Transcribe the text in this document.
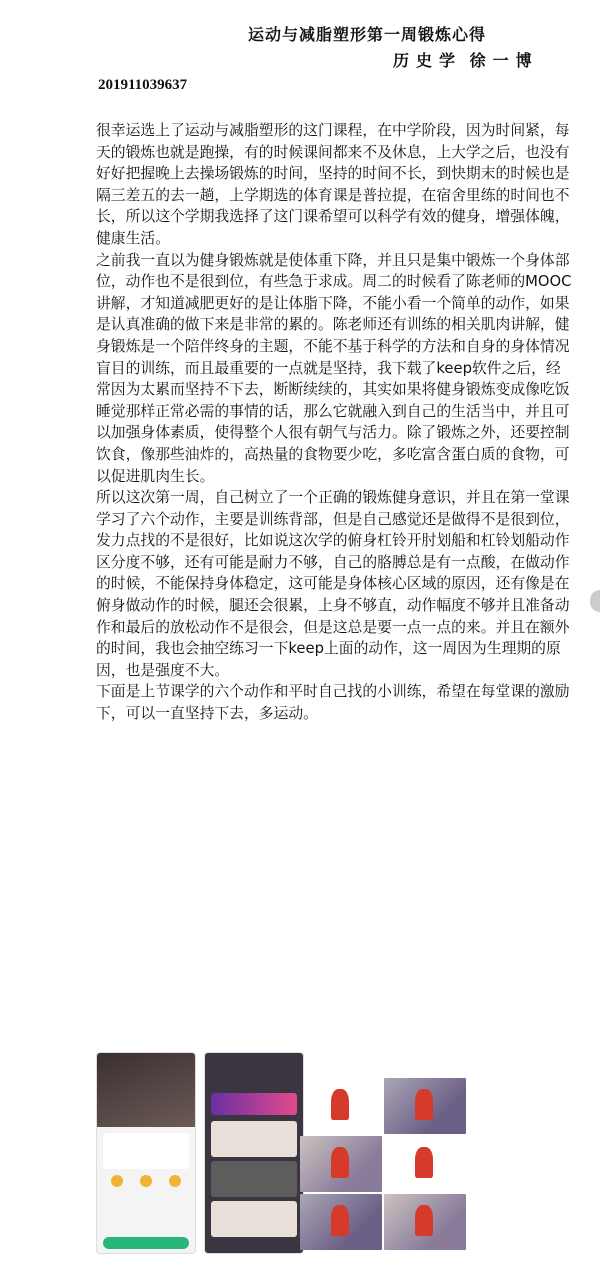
运动与减脂塑形第一周锻炼心得
历史学 徐一博
201911039637

很幸运选上了运动与减脂塑形的这门课程，在中学阶段，因为时间紧，每天的锻炼也就是跑操，有的时候课间都来不及休息，上大学之后，也没有好好把握晚上去操场锻炼的时间，坚持的时间不长，到快期末的时候也是隔三差五的去一趟，上学期选的体育课是普拉提，在宿舍里练的时间也不长，所以这个学期我选择了这门课希望可以科学有效的健身，增强体魄，健康生活。

之前我一直以为健身锻炼就是使体重下降，并且只是集中锻炼一个身体部位，动作也不是很到位，有些急于求成。周二的时候看了陈老师的MOOC讲解，才知道减肥更好的是让体脂下降，不能小看一个简单的动作，如果是认真准确的做下来是非常的累的。陈老师还有训练的相关肌肉讲解，健身锻炼是一个陪伴终身的主题，不能不基于科学的方法和自身的身体情况盲目的训练，而且最重要的一点就是坚持，我下载了keep软件之后，经常因为太累而坚持不下去，断断续续的，其实如果将健身锻炼变成像吃饭睡觉那样正常必需的事情的话，那么它就融入到自己的生活当中，并且可以加强身体素质，使得整个人很有朝气与活力。除了锻炼之外，还要控制饮食，像那些油炸的，高热量的食物要少吃，多吃富含蛋白质的食物，可以促进肌肉生长。

所以这次第一周，自己树立了一个正确的锻炼健身意识，并且在第一堂课学习了六个动作，主要是训练背部，但是自己感觉还是做得不是很到位，发力点找的不是很好，比如说这次学的俯身杠铃开肘划船和杠铃划船动作区分度不够，还有可能是耐力不够，自己的胳膊总是有一点酸，在做动作的时候，不能保持身体稳定，这可能是身体核心区域的原因，还有像是在俯身做动作的时候，腿还会很累，上身不够直，动作幅度不够并且准备动作和最后的放松动作不是很会，但是这总是要一点一点的来。并且在额外的时间，我也会抽空练习一下keep上面的动作，这一周因为生理期的原因，也是强度不大。

下面是上节课学的六个动作和平时自己找的小训练，希望在每堂课的激励下，可以一直坚持下去，多运动。
